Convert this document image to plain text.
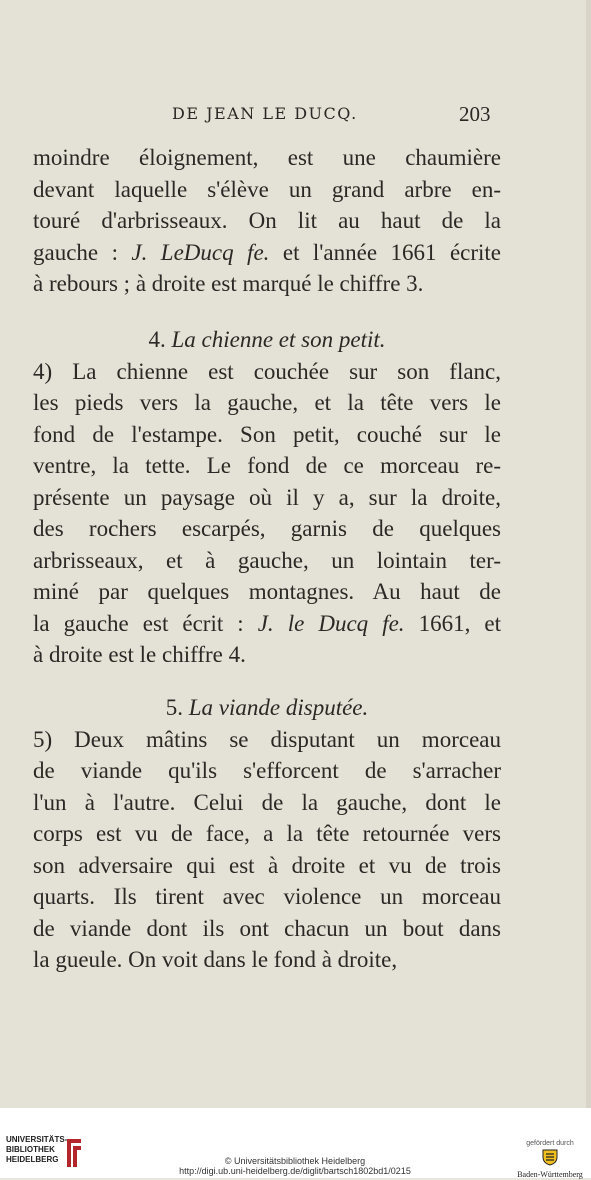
DE JEAN LE DUCQ.	203
moindre éloignement, est une chaumière
devant laquelle s'élève un grand arbre en-
touré d'arbrisseaux. On lit au haut de la
gauche : J. LeDucq fe. et l'année 1661 écrite
à rebours ; à droite est marqué le chiffre 3.
4. La chienne et son petit.
4) La chienne est couchée sur son flanc,
les pieds vers la gauche, et la tête vers le
fond de l'estampe. Son petit, couché sur le
ventre, la tette. Le fond de ce morceau re-
présente un paysage où il y a, sur la droite,
des rochers escarpés, garnis de quelques
arbrisseaux, et à gauche, un lointain ter-
miné par quelques montagnes. Au haut de
la gauche est écrit : J. le Ducq fe. 1661, et
à droite est le chiffre 4.
5. La viande disputée.
5) Deux mâtins se disputant un morceau
de viande qu'ils s'efforcent de s'arracher
l'un à l'autre. Celui de la gauche, dont le
corps est vu de face, a la tête retournée vers
son adversaire qui est à droite et vu de trois
quarts. Ils tirent avec violence un morceau
de viande dont ils ont chacun un bout dans
la gueule. On voit dans le fond à droite,
UNIVERSITÄTS-
BIBLIOTHEK
HEIDELBERG	© Universitätsbibliothek Heidelberg
http://digi.ub.uni-heidelberg.de/diglit/bartsch1802bd1/0215
gefördert durch
Baden-Württemberg
